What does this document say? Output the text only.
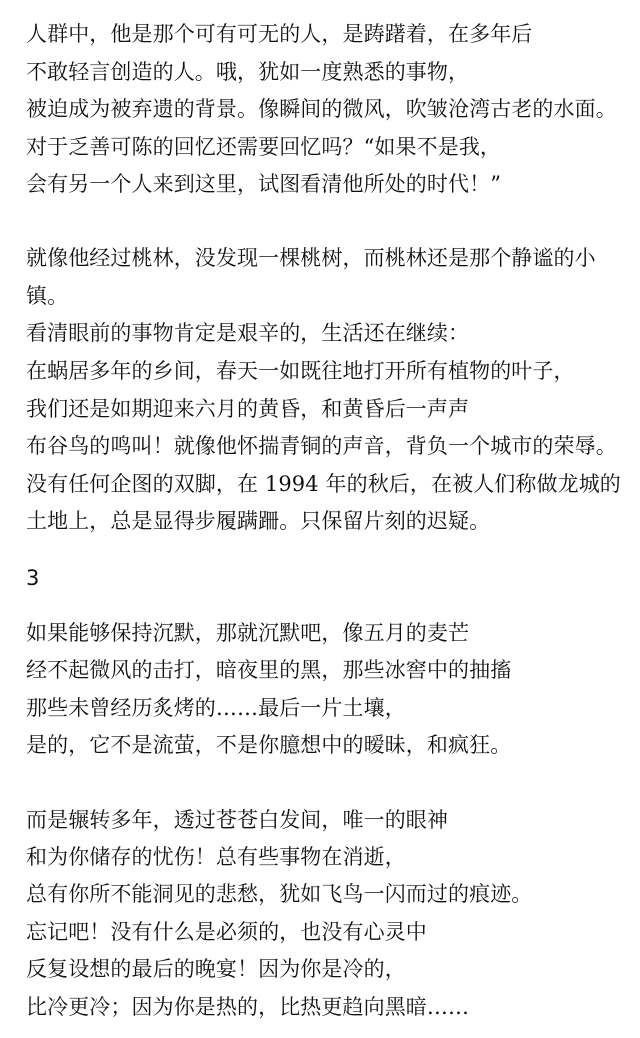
人群中，他是那个可有可无的人，是踌躇着，在多年后
不敢轻言创造的人。哦，犹如一度熟悉的事物，
被迫成为被弃遗的背景。像瞬间的微风，吹皱沧湾古老的水面。
对于乏善可陈的回忆还需要回忆吗？“如果不是我，
会有另一个人来到这里，试图看清他所处的时代！”
就像他经过桃林，没发现一棵桃树，而桃林还是那个静谧的小
镇。
看清眼前的事物肯定是艰辛的，生活还在继续：
在蜗居多年的乡间，春天一如既往地打开所有植物的叶子，
我们还是如期迎来六月的黄昏，和黄昏后一声声
布谷鸟的鸣叫！就像他怀揣青铜的声音，背负一个城市的荣辱。
没有任何企图的双脚，在 1994 年的秋后，在被人们称做龙城的
土地上，总是显得步履蹒跚。只保留片刻的迟疑。
3
如果能够保持沉默，那就沉默吧，像五月的麦芒
经不起微风的击打，暗夜里的黑，那些冰窖中的抽搐
那些未曾经历炙烤的……最后一片土壤，
是的，它不是流萤，不是你臆想中的暧昧，和疯狂。
而是辗转多年，透过苍苍白发间，唯一的眼神
和为你储存的忧伤！总有些事物在消逝，
总有你所不能洞见的悲愁，犹如飞鸟一闪而过的痕迹。
忘记吧！没有什么是必须的，也没有心灵中
反复设想的最后的晚宴！因为你是冷的，
比冷更冷；因为你是热的，比热更趋向黑暗……
